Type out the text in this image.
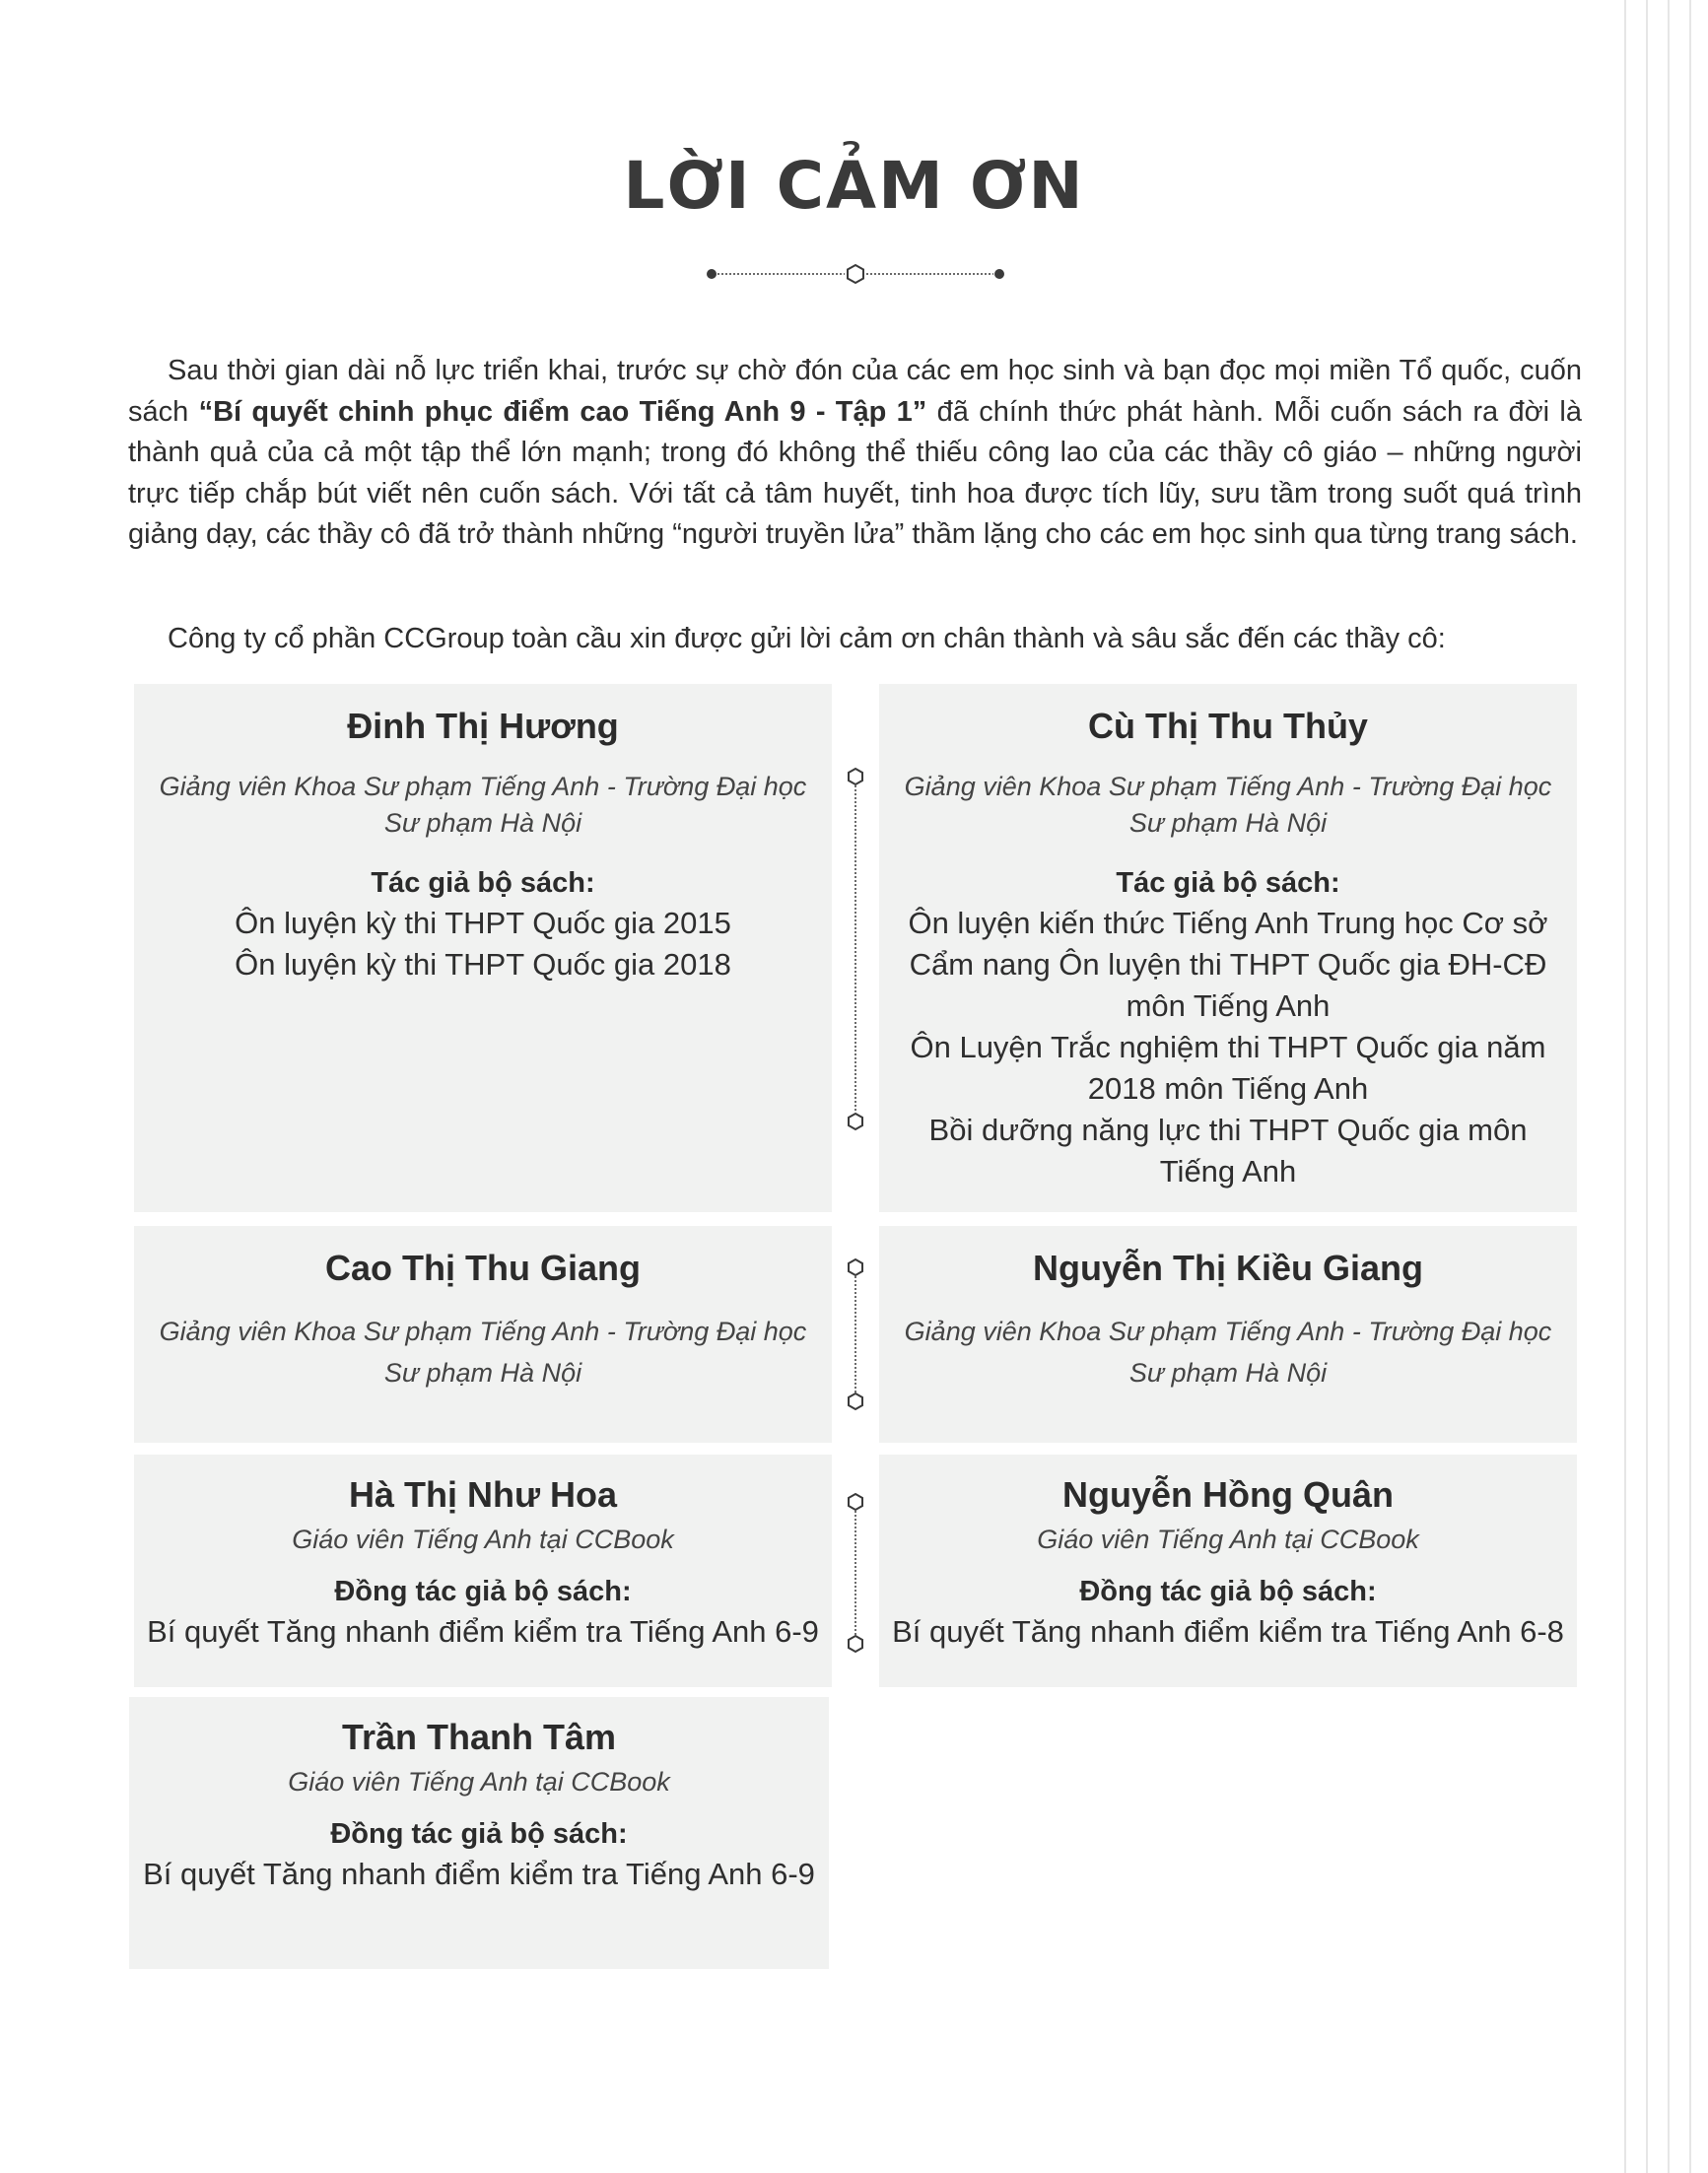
LỜI CẢM ƠN

Sau thời gian dài nỗ lực triển khai, trước sự chờ đón của các em học sinh và bạn đọc mọi miền Tổ quốc, cuốn sách “Bí quyết chinh phục điểm cao Tiếng Anh 9 - Tập 1” đã chính thức phát hành. Mỗi cuốn sách ra đời là thành quả của cả một tập thể lớn mạnh; trong đó không thể thiếu công lao của các thầy cô giáo – những người trực tiếp chắp bút viết nên cuốn sách. Với tất cả tâm huyết, tinh hoa được tích lũy, sưu tầm trong suốt quá trình giảng dạy, các thầy cô đã trở thành những “người truyền lửa” thầm lặng cho các em học sinh qua từng trang sách.

Công ty cổ phần CCGroup toàn cầu xin được gửi lời cảm ơn chân thành và sâu sắc đến các thầy cô:

Đinh Thị Hương

Giảng viên Khoa Sư phạm Tiếng Anh - Trường Đại học
Sư phạm Hà Nội

Tác giả bộ sách:

Ôn luyện kỳ thi THPT Quốc gia 2015

Ôn luyện kỳ thi THPT Quốc gia 2018

Cù Thị Thu Thủy

Giảng viên Khoa Sư phạm Tiếng Anh - Trường Đại học
Sư phạm Hà Nội

Tác giả bộ sách:

Ôn luyện kiến thức Tiếng Anh Trung học Cơ sở

Cẩm nang Ôn luyện thi THPT Quốc gia ĐH-CĐ môn Tiếng Anh

Ôn Luyện Trắc nghiệm thi THPT Quốc gia năm 2018 môn Tiếng Anh

Bồi dưỡng năng lực thi THPT Quốc gia môn Tiếng Anh

Cao Thị Thu Giang

Giảng viên Khoa Sư phạm Tiếng Anh - Trường Đại học
Sư phạm Hà Nội

Nguyễn Thị Kiều Giang

Giảng viên Khoa Sư phạm Tiếng Anh - Trường Đại học
Sư phạm Hà Nội

Hà Thị Như Hoa

Giáo viên Tiếng Anh tại CCBook

Đồng tác giả bộ sách:

Bí quyết Tăng nhanh điểm kiểm tra Tiếng Anh 6-9

Nguyễn Hồng Quân

Giáo viên Tiếng Anh tại CCBook

Đồng tác giả bộ sách:

Bí quyết Tăng nhanh điểm kiểm tra Tiếng Anh 6-8

Trần Thanh Tâm

Giáo viên Tiếng Anh tại CCBook

Đồng tác giả bộ sách:

Bí quyết Tăng nhanh điểm kiểm tra Tiếng Anh 6-9
